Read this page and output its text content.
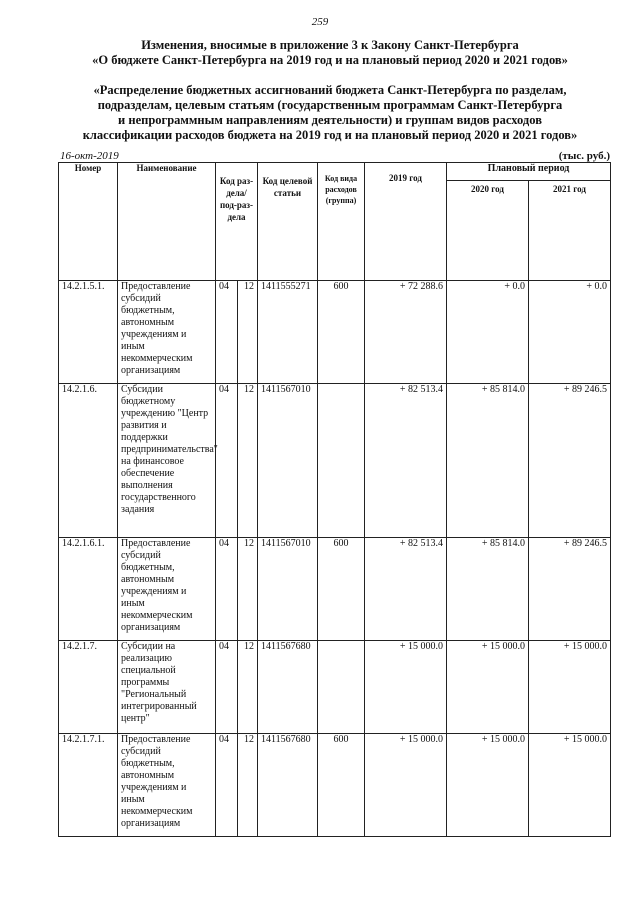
259
Изменения, вносимые в приложение 3 к Закону Санкт-Петербурга
«О бюджете Санкт-Петербурга на 2019 год и на плановый период 2020 и 2021 годов»
«Распределение бюджетных ассигнований бюджета Санкт-Петербурга по разделам,
подразделам, целевым статьям (государственным программам Санкт-Петербурга
и непрограммным направлениям деятельности) и группам видов расходов
классификации расходов бюджета на 2019 год и на плановый период 2020 и 2021 годов»
16-окт-2019	(тыс. руб.)
Номер	Наименование	Код раз-дела/ под-раз-дела		Код целевой статьи	Код вида расходов (группа)	2019 год	Плановый период	
							2020 год	2021 год
14.2.1.5.1.	Предоставление субсидий бюджетным, автономным учреждениям и иным некоммерческим организациям	04	12	1411555271	600	+ 72 288.6	+ 0.0	+ 0.0
14.2.1.6.	Субсидии бюджетному учреждению "Центр развития и поддержки предпринимательства" на финансовое обеспечение выполнения государственного задания	04	12	1411567010		+ 82 513.4	+ 85 814.0	+ 89 246.5
14.2.1.6.1.	Предоставление субсидий бюджетным, автономным учреждениям и иным некоммерческим организациям	04	12	1411567010	600	+ 82 513.4	+ 85 814.0	+ 89 246.5
14.2.1.7.	Субсидии на реализацию специальной программы "Региональный интегрированный центр"	04	12	1411567680		+ 15 000.0	+ 15 000.0	+ 15 000.0
14.2.1.7.1.	Предоставление субсидий бюджетным, автономным учреждениям и иным некоммерческим организациям	04	12	1411567680	600	+ 15 000.0	+ 15 000.0	+ 15 000.0
